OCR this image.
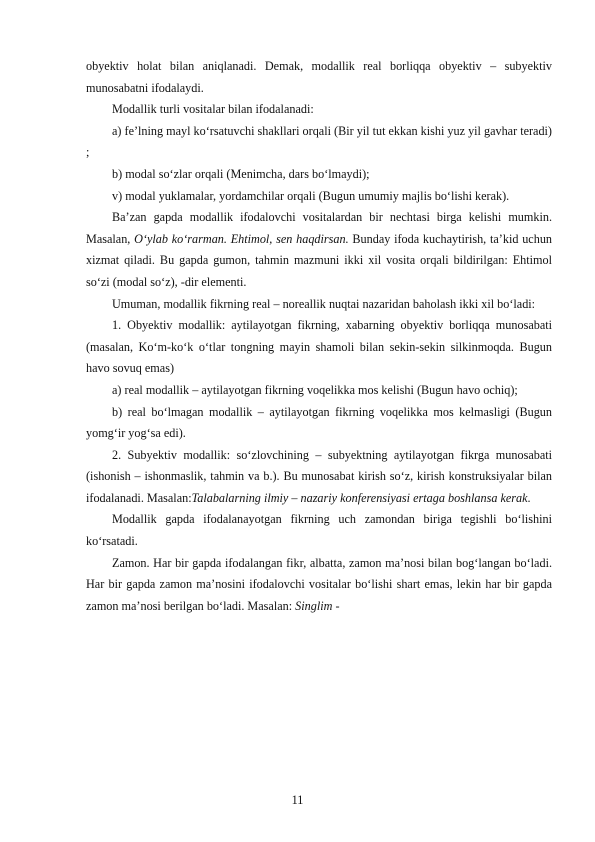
obyektiv holat bilan aniqlanadi. Demak, modallik real borliqqa obyektiv – subyektiv munosabatni ifodalaydi.

Modallik turli vositalar bilan ifodalanadi:

a) fe’lning mayl ko‘rsatuvchi shakllari orqali (Bir yil tut ekkan kishi yuz yil gavhar teradi) ;

b) modal so‘zlar orqali (Menimcha, dars bo‘lmaydi);

v) modal yuklamalar, yordamchilar orqali (Bugun umumiy majlis bo‘lishi kerak).

Ba’zan gapda modallik ifodalovchi vositalardan bir nechtasi birga kelishi mumkin. Masalan, O‘ylab ko‘rarman. Ehtimol, sen haqdirsan. Bunday ifoda kuchaytirish, ta’kid uchun xizmat qiladi. Bu gapda gumon, tahmin mazmuni ikki xil vosita orqali bildirilgan: Ehtimol so‘zi (modal so‘z), -dir elementi.

Umuman, modallik fikrning real – noreallik nuqtai nazaridan baholash ikki xil bo‘ladi:

1. Obyektiv modallik: aytilayotgan fikrning, xabarning obyektiv borliqqa munosabati (masalan, Ko‘m-ko‘k o‘tlar tongning mayin shamoli bilan sekin-sekin silkinmoqda. Bugun havo sovuq emas)

a) real modallik – aytilayotgan fikrning voqelikka mos kelishi (Bugun havo ochiq);

b) real bo‘lmagan modallik – aytilayotgan fikrning voqelikka mos kelmasligi (Bugun yomg‘ir yog‘sa edi).

2. Subyektiv modallik: so‘zlovchining – subyektning aytilayotgan fikrga munosabati (ishonish – ishonmaslik, tahmin va b.). Bu munosabat kirish so‘z, kirish konstruksiyalar bilan ifodalanadi. Masalan:Talabalarning ilmiy – nazariy konferensiyasi ertaga boshlansa kerak.

Modallik gapda ifodalanayotgan fikrning uch zamondan biriga tegishli bo‘lishini ko‘rsatadi.

Zamon. Har bir gapda ifodalangan fikr, albatta, zamon ma’nosi bilan bog‘langan bo‘ladi. Har bir gapda zamon ma’nosini ifodalovchi vositalar bo‘lishi shart emas, lekin har bir gapda zamon ma’nosi berilgan bo‘ladi. Masalan: Singlim -

11
